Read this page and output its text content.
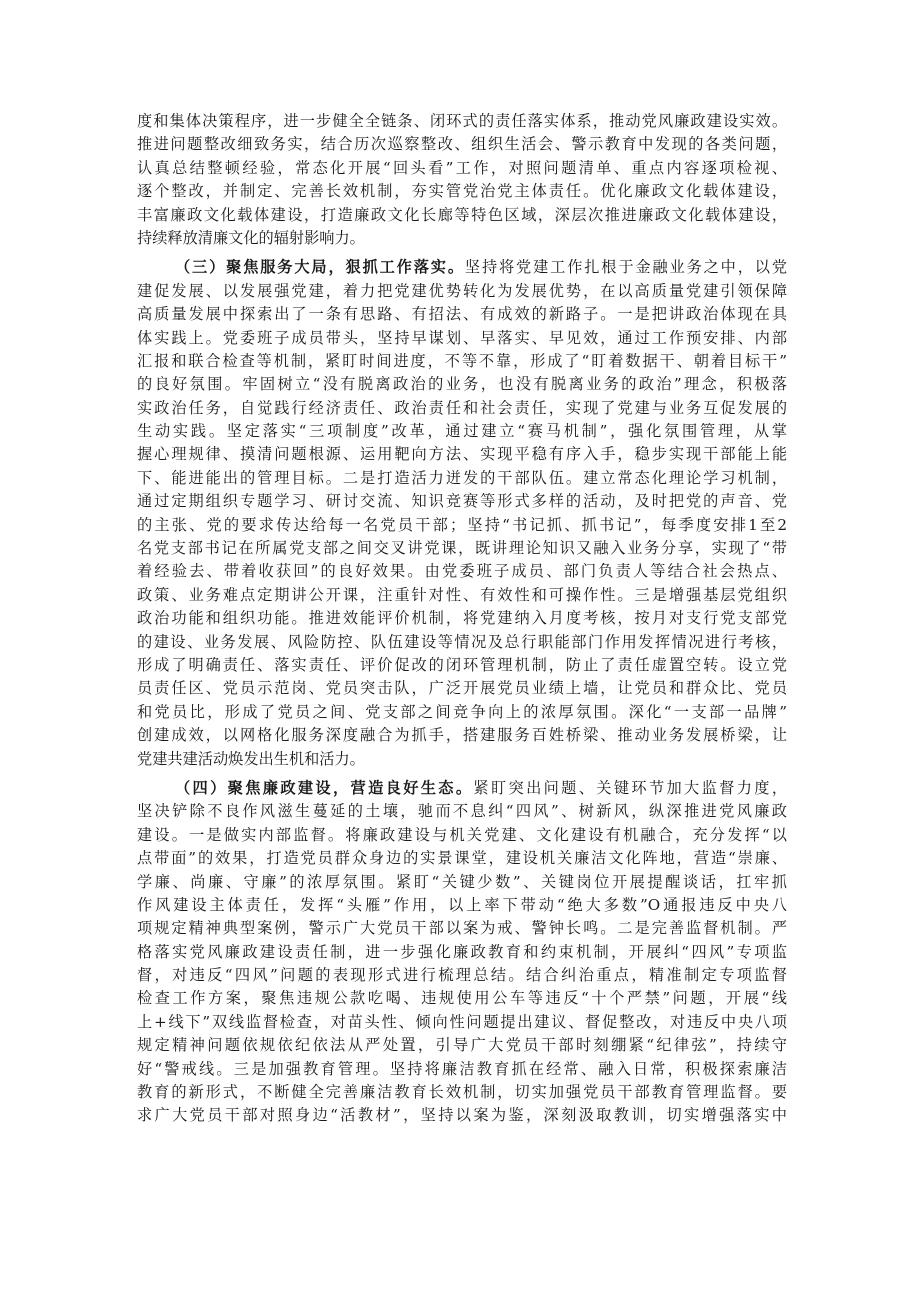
度和集体决策程序，进一步健全全链条、闭环式的责任落实体系，推动党风廉政建设实效。
推进问题整改细致务实，结合历次巡察整改、组织生活会、警示教育中发现的各类问题，
认真总结整顿经验，常态化开展“回头看”工作，对照问题清单、重点内容逐项检视、
逐个整改，并制定、完善长效机制，夯实管党治党主体责任。优化廉政文化载体建设，
丰富廉政文化载体建设，打造廉政文化长廊等特色区域，深层次推进廉政文化载体建设，
持续释放清廉文化的辐射影响力。
（三）聚焦服务大局，狠抓工作落实。坚持将党建工作扎根于金融业务之中，以党
建促发展、以发展强党建，着力把党建优势转化为发展优势，在以高质量党建引领保障
高质量发展中探索出了一条有思路、有招法、有成效的新路子。一是把讲政治体现在具
体实践上。党委班子成员带头，坚持早谋划、早落实、早见效，通过工作预安排、内部
汇报和联合检查等机制，紧盯时间进度，不等不靠，形成了“盯着数据干、朝着目标干”
的良好氛围。牢固树立“没有脱离政治的业务，也没有脱离业务的政治”理念，积极落
实政治任务，自觉践行经济责任、政治责任和社会责任，实现了党建与业务互促发展的
生动实践。坚定落实“三项制度”改革，通过建立“赛马机制”，强化氛围管理，从掌
握心理规律、摸清问题根源、运用靶向方法、实现平稳有序入手，稳步实现干部能上能
下、能进能出的管理目标。二是打造活力迸发的干部队伍。建立常态化理论学习机制，
通过定期组织专题学习、研讨交流、知识竞赛等形式多样的活动，及时把党的声音、党
的主张、党的要求传达给每一名党员干部；坚持“书记抓、抓书记”，每季度安排1至2
名党支部书记在所属党支部之间交叉讲党课，既讲理论知识又融入业务分享，实现了“带
着经验去、带着收获回”的良好效果。由党委班子成员、部门负责人等结合社会热点、
政策、业务难点定期讲公开课，注重针对性、有效性和可操作性。三是增强基层党组织
政治功能和组织功能。推进效能评价机制，将党建纳入月度考核，按月对支行党支部党
的建设、业务发展、风险防控、队伍建设等情况及总行职能部门作用发挥情况进行考核，
形成了明确责任、落实责任、评价促改的闭环管理机制，防止了责任虚置空转。设立党
员责任区、党员示范岗、党员突击队，广泛开展党员业绩上墙，让党员和群众比、党员
和党员比，形成了党员之间、党支部之间竞争向上的浓厚氛围。深化“一支部一品牌”
创建成效，以网格化服务深度融合为抓手，搭建服务百姓桥梁、推动业务发展桥梁，让
党建共建活动焕发出生机和活力。
（四）聚焦廉政建设，营造良好生态。紧盯突出问题、关键环节加大监督力度，
坚决铲除不良作风滋生蔓延的土壤，驰而不息纠“四风”、树新风，纵深推进党风廉政
建设。一是做实内部监督。将廉政建设与机关党建、文化建设有机融合，充分发挥“以
点带面”的效果，打造党员群众身边的实景课堂，建设机关廉洁文化阵地，营造“崇廉、
学廉、尚廉、守廉”的浓厚氛围。紧盯“关键少数”、关键岗位开展提醒谈话，扛牢抓
作风建设主体责任，发挥“头雁”作用，以上率下带动“绝大多数”O通报违反中央八
项规定精神典型案例，警示广大党员干部以案为戒、警钟长鸣。二是完善监督机制。严
格落实党风廉政建设责任制，进一步强化廉政教育和约束机制，开展纠“四风”专项监
督，对违反“四风”问题的表现形式进行梳理总结。结合纠治重点，精准制定专项监督
检查工作方案，聚焦违规公款吃喝、违规使用公车等违反“十个严禁”问题，开展“线
上+线下”双线监督检查，对苗头性、倾向性问题提出建议、督促整改，对违反中央八项
规定精神问题依规依纪依法从严处置，引导广大党员干部时刻绷紧“纪律弦”，持续守
好“警戒线。三是加强教育管理。坚持将廉洁教育抓在经常、融入日常，积极探索廉洁
教育的新形式，不断健全完善廉洁教育长效机制，切实加强党员干部教育管理监督。要
求广大党员干部对照身边“活教材”，坚持以案为鉴，深刻汲取教训，切实增强落实中
